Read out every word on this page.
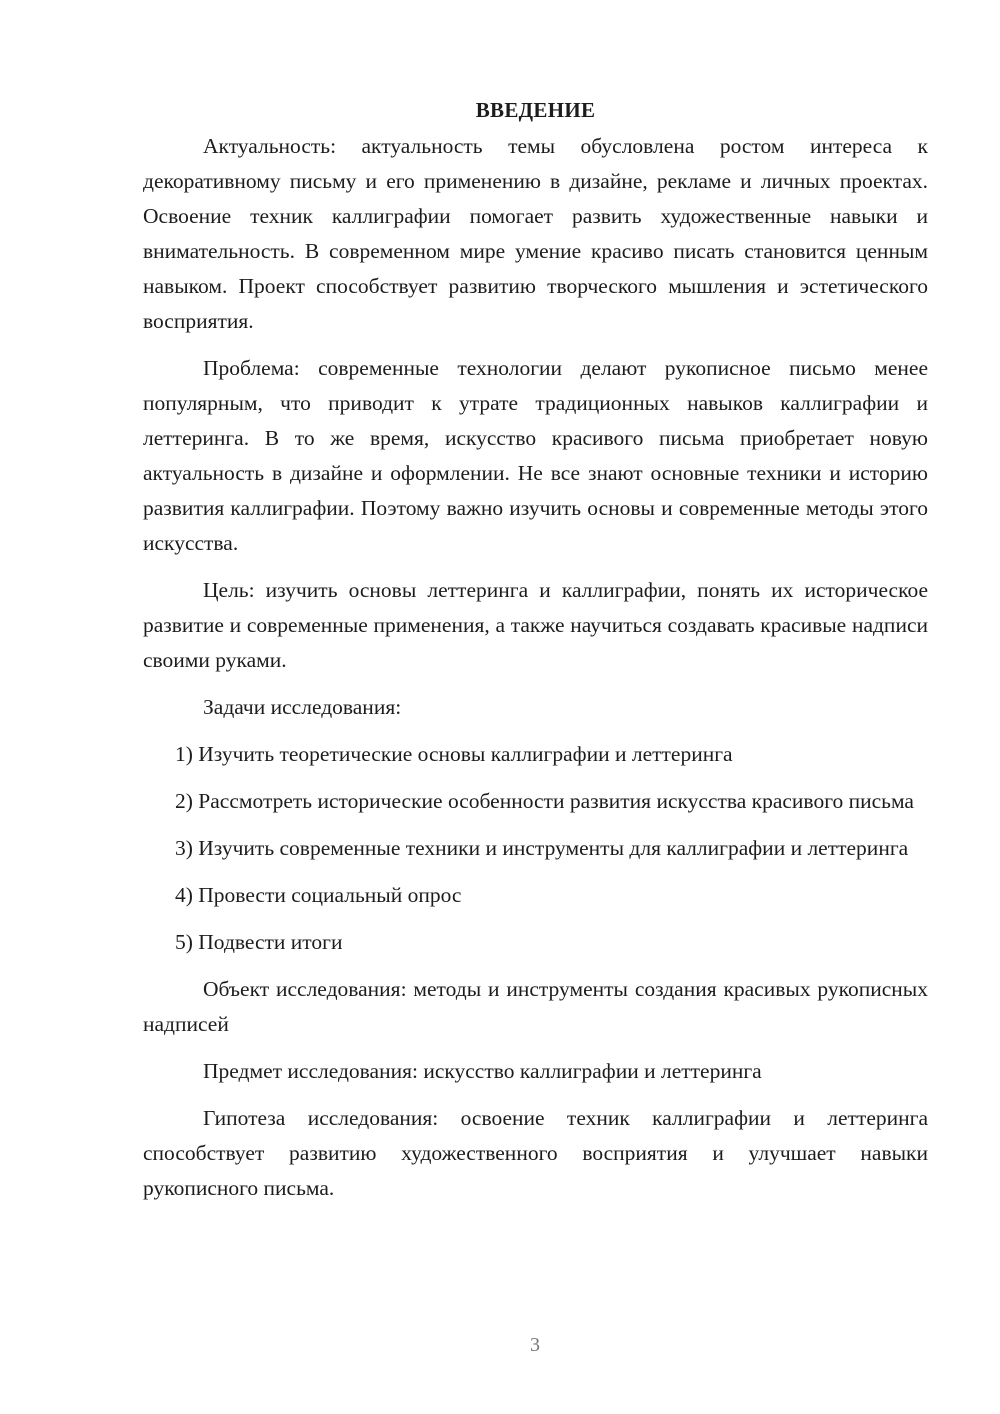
ВВЕДЕНИЕ

Актуальность: актуальность темы обусловлена ростом интереса к декоративному письму и его применению в дизайне, рекламе и личных проектах. Освоение техник каллиграфии помогает развить художественные навыки и внимательность. В современном мире умение красиво писать становится ценным навыком. Проект способствует развитию творческого мышления и эстетического восприятия.

Проблема: современные технологии делают рукописное письмо менее популярным, что приводит к утрате традиционных навыков каллиграфии и леттеринга. В то же время, искусство красивого письма приобретает новую актуальность в дизайне и оформлении. Не все знают основные техники и историю развития каллиграфии. Поэтому важно изучить основы и современные методы этого искусства.

Цель: изучить основы леттеринга и каллиграфии, понять их историческое развитие и современные применения, а также научиться создавать красивые надписи своими руками.

Задачи исследования:

1) Изучить теоретические основы каллиграфии и леттеринга

2) Рассмотреть исторические особенности развития искусства красивого письма

3) Изучить современные техники и инструменты для каллиграфии и леттеринга

4) Провести социальный опрос

5) Подвести итоги

Объект исследования: методы и инструменты создания красивых рукописных надписей

Предмет исследования: искусство каллиграфии и леттеринга

Гипотеза исследования: освоение техник каллиграфии и леттеринга способствует развитию художественного восприятия и улучшает навыки рукописного письма.

3
